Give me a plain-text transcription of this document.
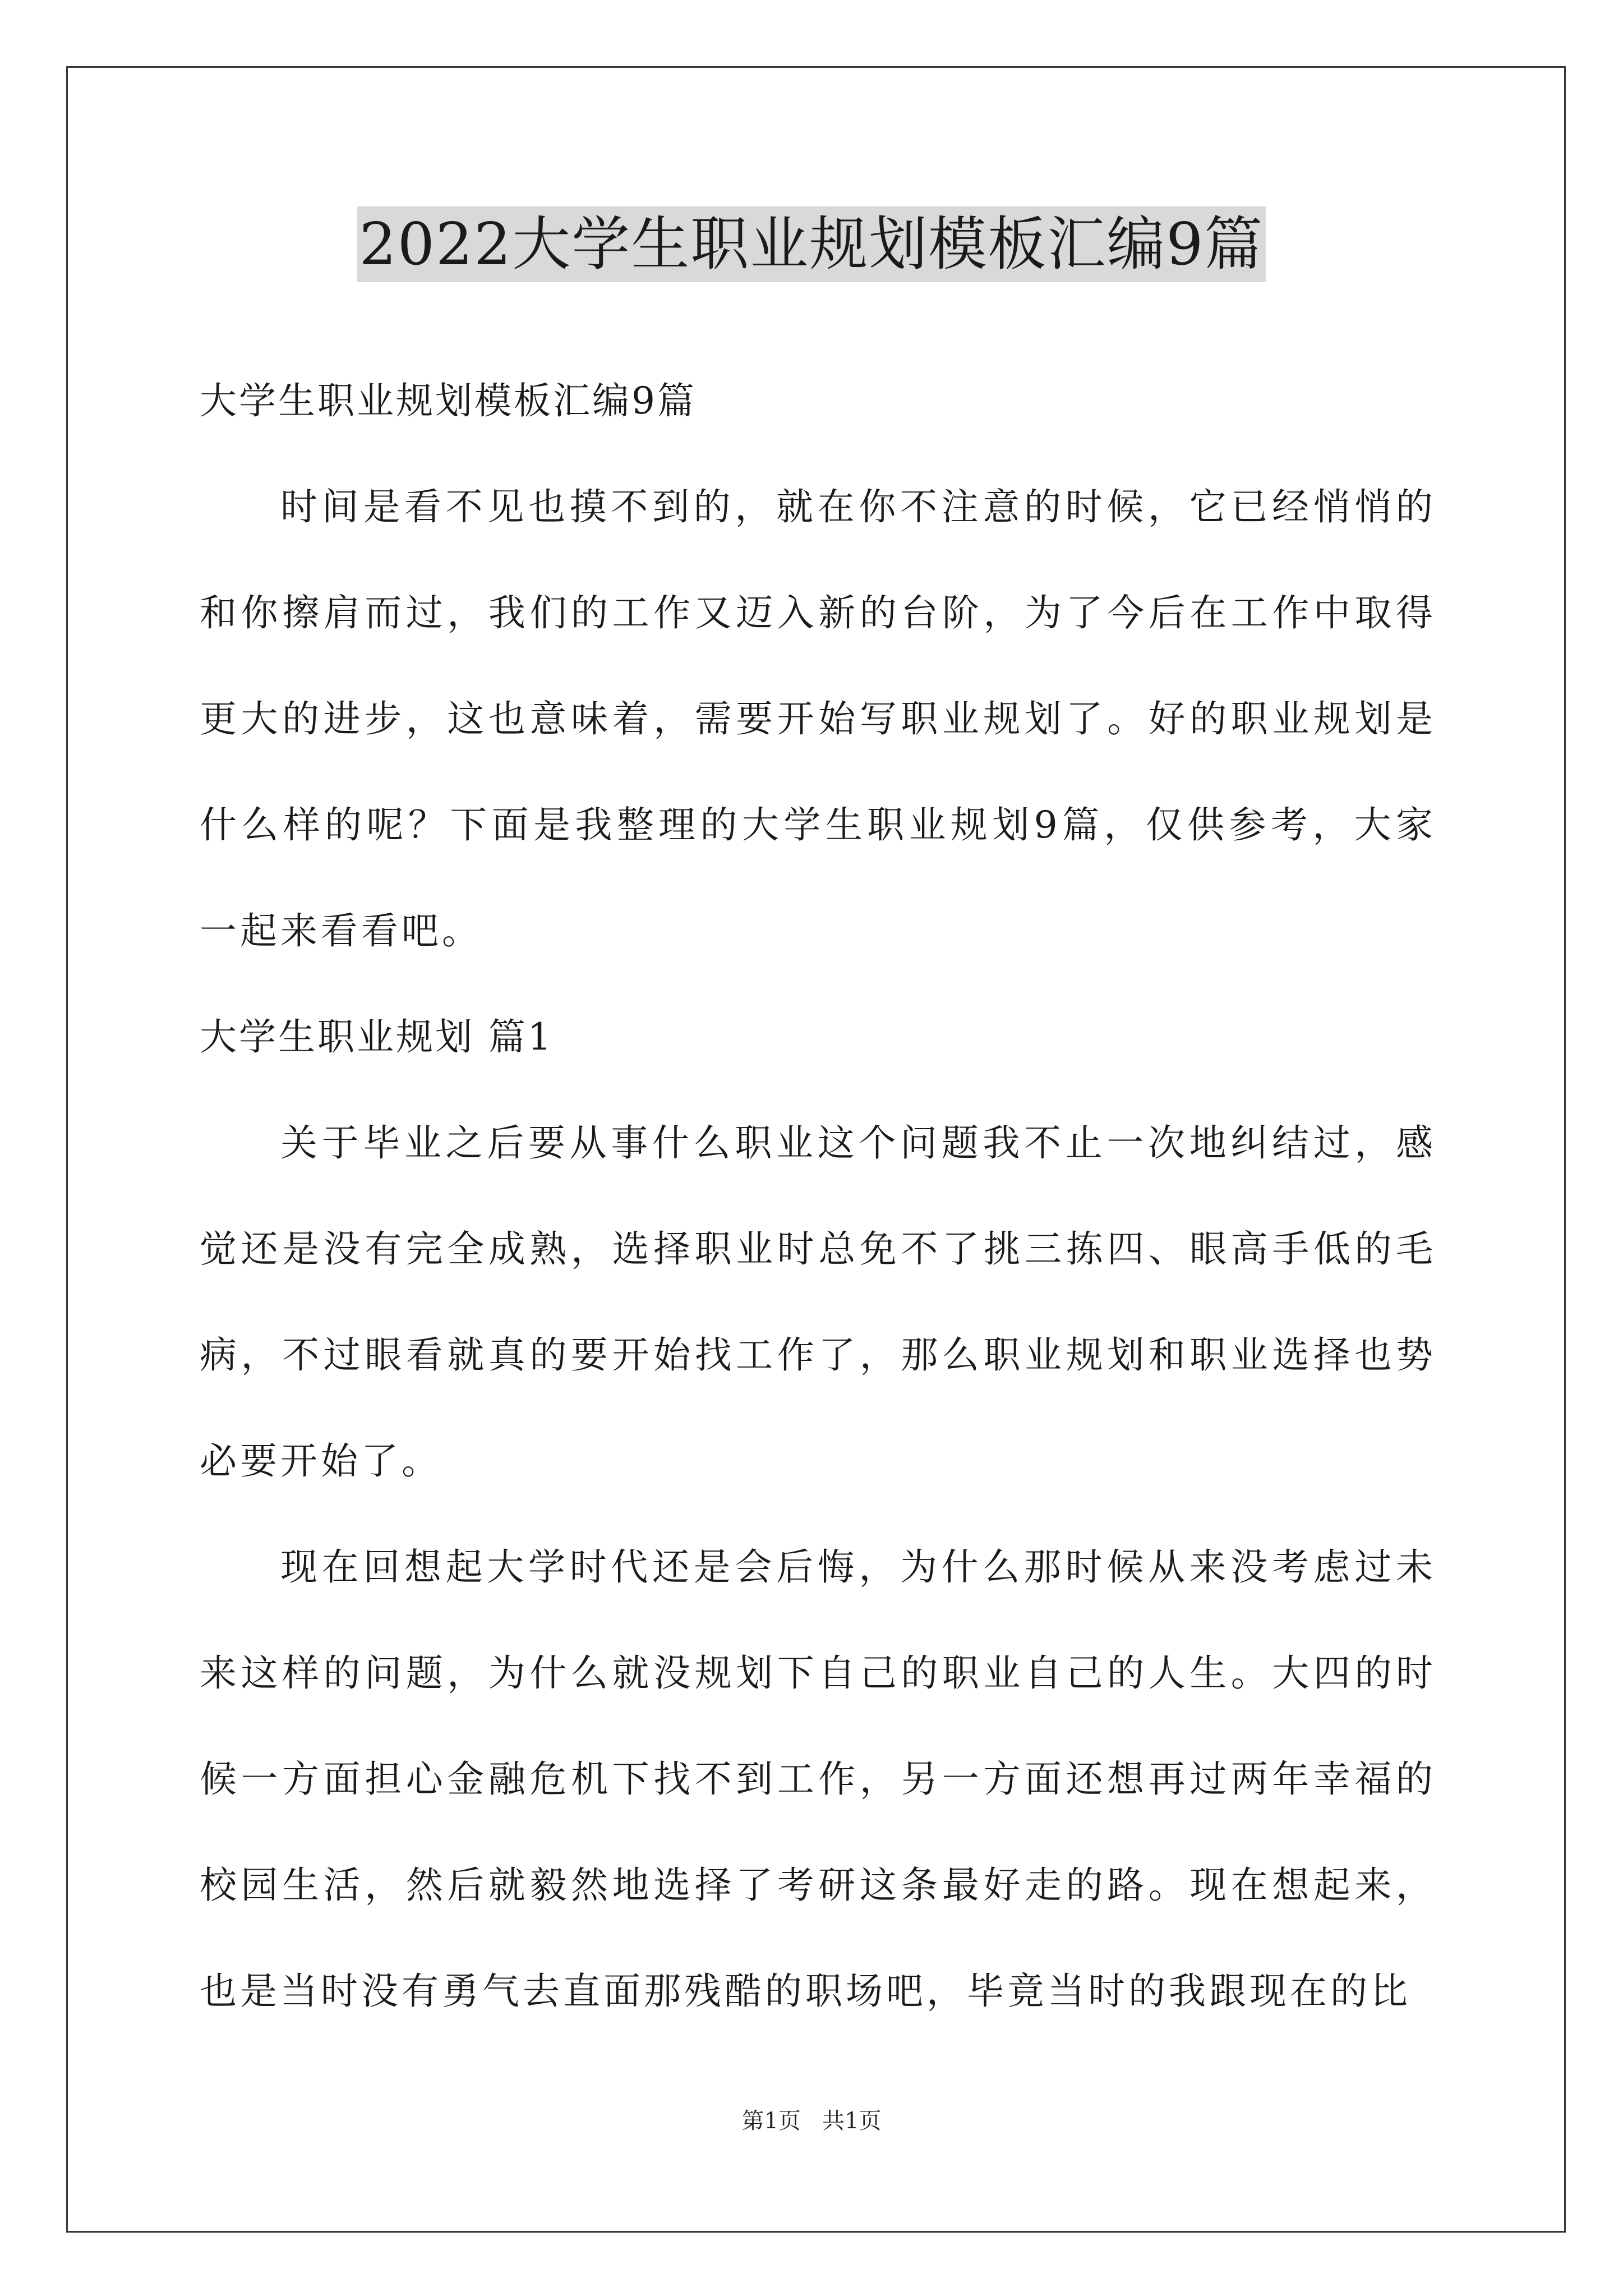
2022大学生职业规划模板汇编9篇

大学生职业规划模板汇编9篇

时间是看不见也摸不到的，就在你不注意的时候，它已经悄悄的和你擦肩而过，我们的工作又迈入新的台阶，为了今后在工作中取得更大的进步，这也意味着，需要开始写职业规划了。好的职业规划是什么样的呢？下面是我整理的大学生职业规划9篇，仅供参考，大家一起来看看吧。

大学生职业规划 篇1

关于毕业之后要从事什么职业这个问题我不止一次地纠结过，感觉还是没有完全成熟，选择职业时总免不了挑三拣四、眼高手低的毛病，不过眼看就真的要开始找工作了，那么职业规划和职业选择也势必要开始了。

现在回想起大学时代还是会后悔，为什么那时候从来没考虑过未来这样的问题，为什么就没规划下自己的职业自己的人生。大四的时候一方面担心金融危机下找不到工作，另一方面还想再过两年幸福的校园生活，然后就毅然地选择了考研这条最好走的路。现在想起来，也是当时没有勇气去直面那残酷的职场吧，毕竟当时的我跟现在的比

第1页   共1页
